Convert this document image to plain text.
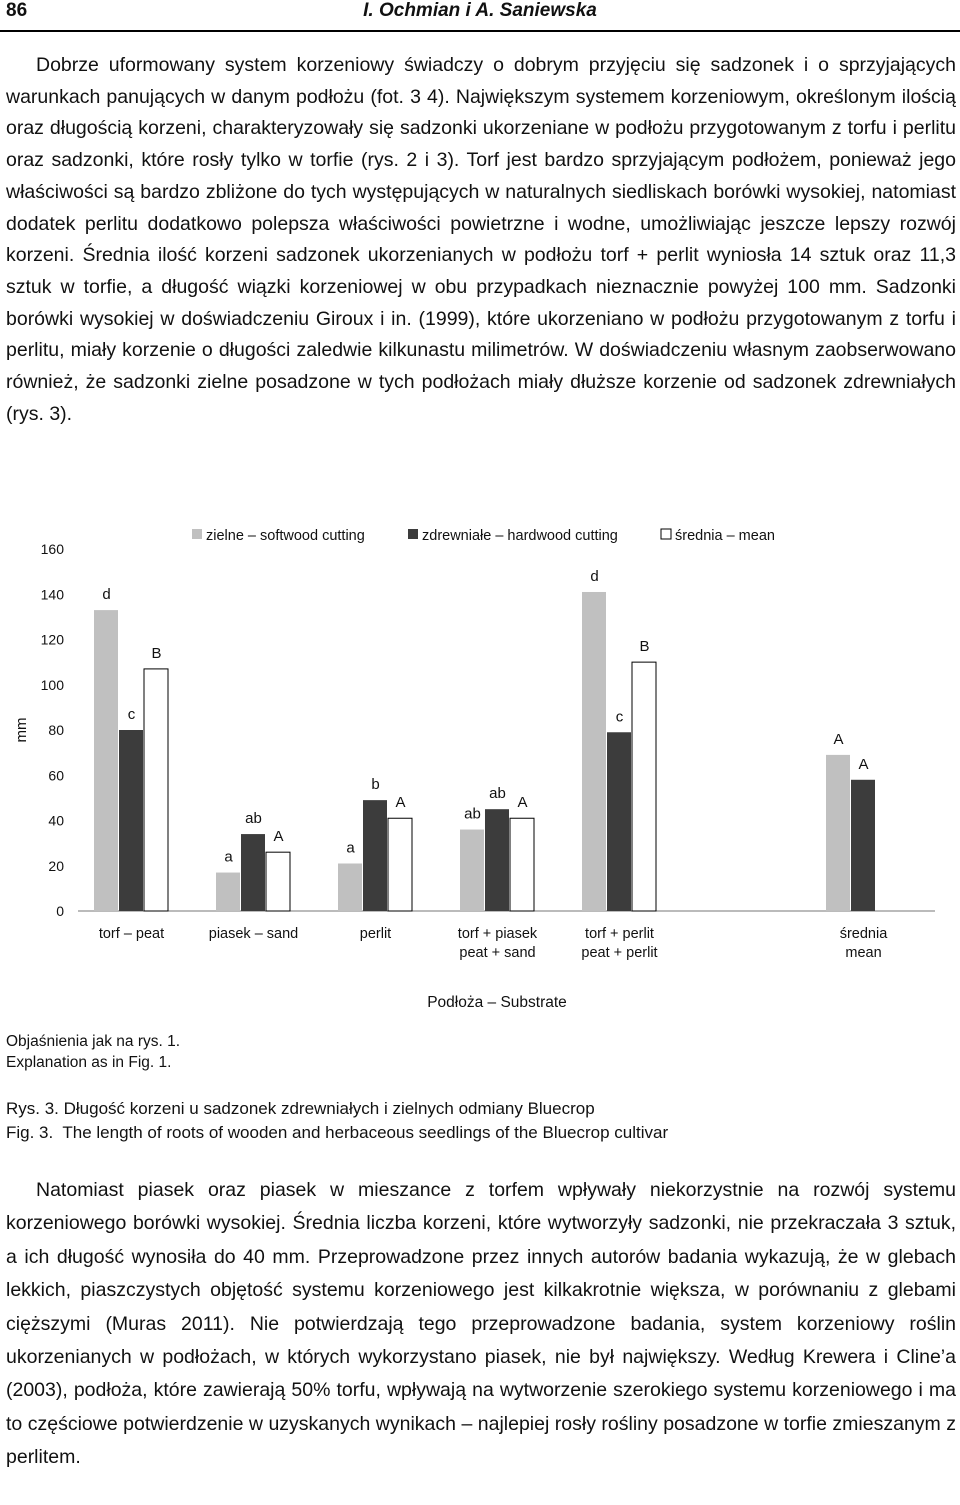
86	I. Ochmian i A. Saniewska

Dobrze uformowany system korzeniowy świadczy o dobrym przyjęciu się sadzonek i o sprzyjających warunkach panujących w danym podłożu (fot. 3 4). Największym systemem korzeniowym, określonym ilością oraz długością korzeni, charakteryzowały się sadzonki ukorzeniane w podłożu przygotowanym z torfu i perlitu oraz sadzonki, które rosły tylko w torfie (rys. 2 i 3). Torf jest bardzo sprzyjającym podłożem, ponieważ jego właściwości są bardzo zbliżone do tych występujących w naturalnych siedliskach borówki wysokiej, natomiast dodatek perlitu dodatkowo polepsza właściwości powietrzne i wodne, umożliwiając jeszcze lepszy rozwój korzeni. Średnia ilość korzeni sadzonek ukorzenianych w podłożu torf + perlit wyniosła 14 sztuk oraz 11,3 sztuk w torfie, a długość wiązki korzeniowej w obu przypadkach nieznacznie powyżej 100 mm. Sadzonki borówki wysokiej w doświadczeniu Giroux i in. (1999), które ukorzeniano w podłożu przygotowanym z torfu i perlitu, miały korzenie o długości zaledwie kilkunastu milimetrów. W doświadczeniu własnym zaobserwowano również, że sadzonki zielne posadzone w tych podłożach miały dłuższe korzenie od sadzonek zdrewniałych (rys. 3).

0
20
40
60
80
100
120
140
160
mm
d
a
a
ab
d
A
c
ab
b
ab
c
A
B
A
A	A
B
torf – peat	piasek – sand	perlit	torf + piasek
peat + sand
torf + perlit
peat + perlit
średnia
mean
Podłoża – Substrate
zielne – softwood cutting	zdrewniałe – hardwood cutting	średnia – mean
Objaśnienia jak na rys. 1.
Explanation as in Fig. 1.

Rys. 3. Długość korzeni u sadzonek zdrewniałych i zielnych odmiany Bluecrop

Fig. 3.  The length of roots of wooden and herbaceous seedlings of the Bluecrop cultivar

Natomiast piasek oraz piasek w mieszance z torfem wpływały niekorzystnie na rozwój systemu korzeniowego borówki wysokiej. Średnia liczba korzeni, które wytworzyły sadzonki, nie przekraczała 3 sztuk, a ich długość wynosiła do 40 mm. Przeprowadzone przez innych autorów badania wykazują, że w glebach lekkich, piaszczystych objętość systemu korzeniowego jest kilkakrotnie większa, w porównaniu z glebami cięższymi (Muras 2011). Nie potwierdzają tego przeprowadzone badania, system korzeniowy roślin ukorzenianych w podłożach, w których wykorzystano piasek, nie był największy. Według Krewera i Cline’a (2003), podłoża, które zawierają 50% torfu, wpływają na wytworzenie szerokiego systemu korzeniowego i ma to częściowe potwierdzenie w uzyskanych wynikach – najlepiej rosły rośliny posadzone w torfie zmieszanym z perlitem.
